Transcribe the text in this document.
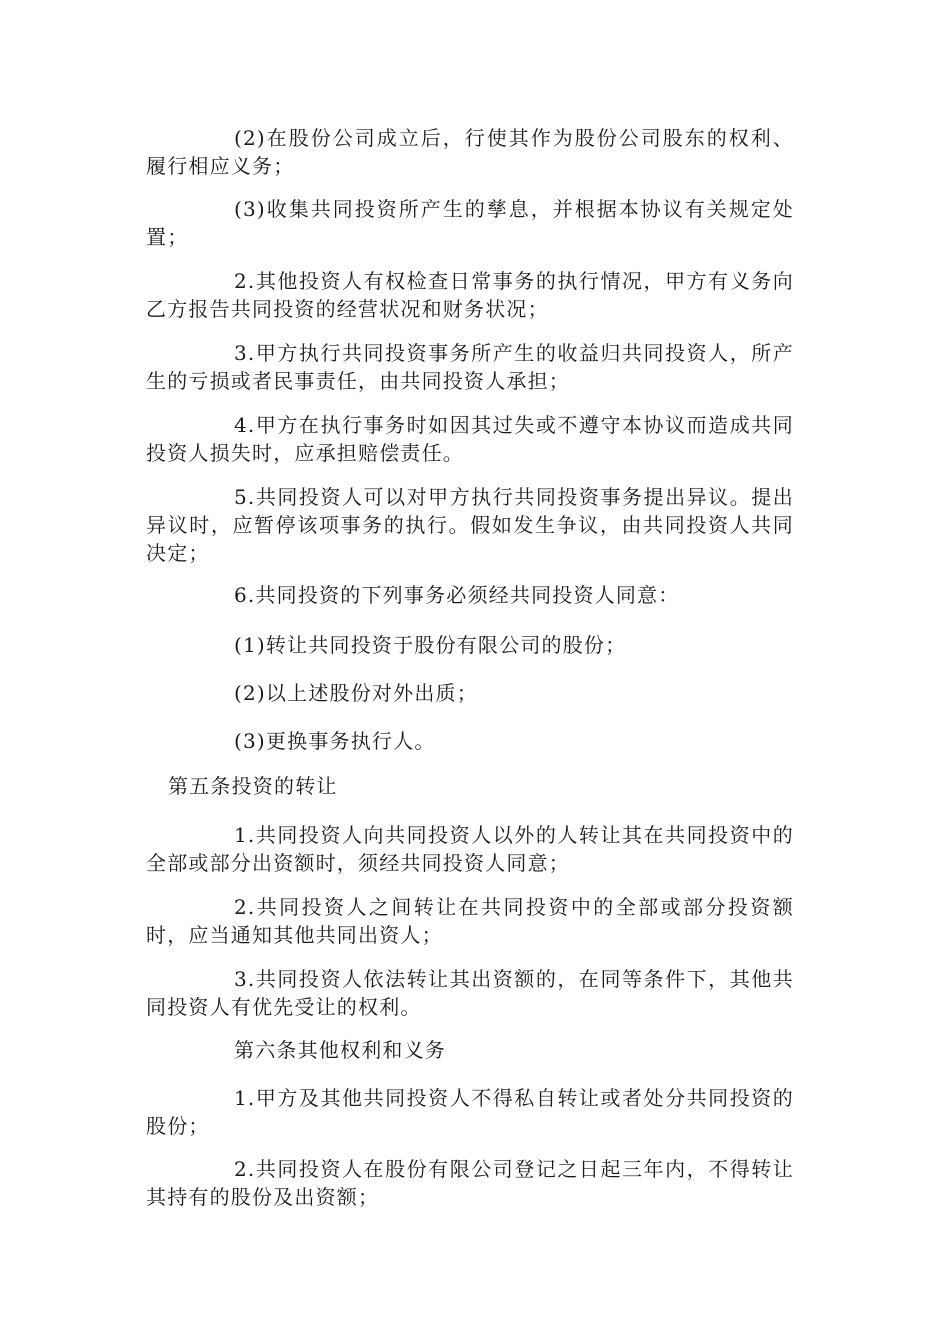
(2)在股份公司成立后，行使其作为股份公司股东的权利、履行相应义务；

(3)收集共同投资所产生的孳息，并根据本协议有关规定处置；

2.其他投资人有权检查日常事务的执行情况，甲方有义务向乙方报告共同投资的经营状况和财务状况；

3.甲方执行共同投资事务所产生的收益归共同投资人，所产生的亏损或者民事责任，由共同投资人承担；

4.甲方在执行事务时如因其过失或不遵守本协议而造成共同投资人损失时，应承担赔偿责任。

5.共同投资人可以对甲方执行共同投资事务提出异议。提出异议时，应暂停该项事务的执行。假如发生争议，由共同投资人共同决定；

6.共同投资的下列事务必须经共同投资人同意：

(1)转让共同投资于股份有限公司的股份；

(2)以上述股份对外出质；

(3)更换事务执行人。

第五条投资的转让

1.共同投资人向共同投资人以外的人转让其在共同投资中的全部或部分出资额时，须经共同投资人同意；

2.共同投资人之间转让在共同投资中的全部或部分投资额时，应当通知其他共同出资人；

3.共同投资人依法转让其出资额的，在同等条件下，其他共同投资人有优先受让的权利。

第六条其他权利和义务

1.甲方及其他共同投资人不得私自转让或者处分共同投资的股份；

2.共同投资人在股份有限公司登记之日起三年内，不得转让其持有的股份及出资额；
